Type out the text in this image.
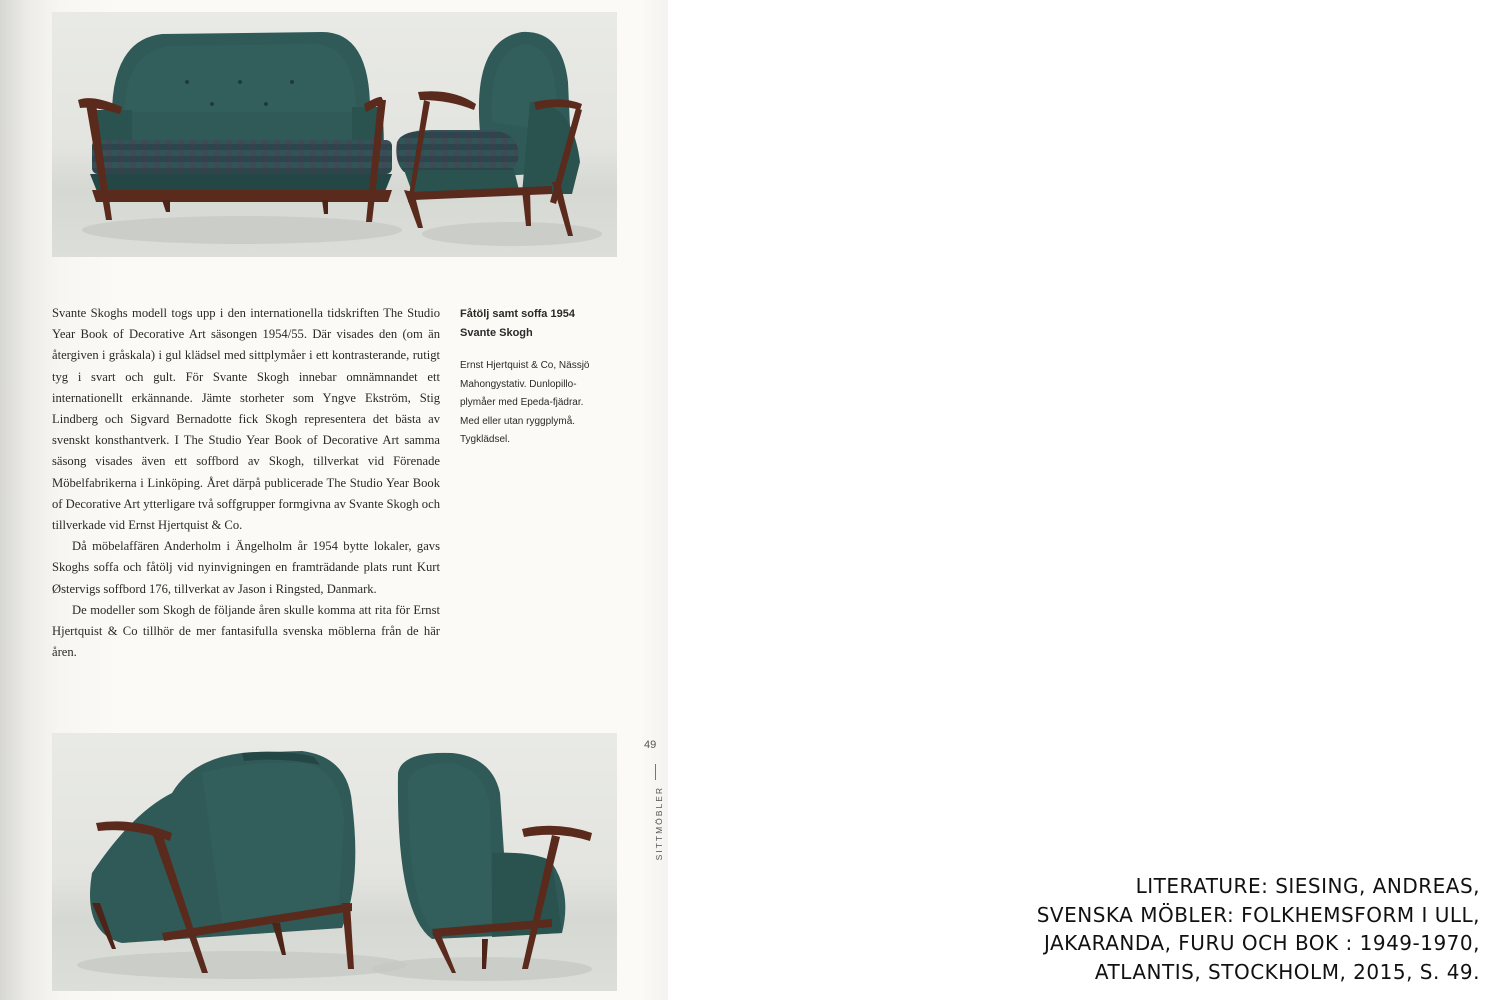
Svante Skoghs modell togs upp i den internationella tidskriften The Studio Year Book of Decorative Art säsongen 1954/55. Där visades den (om än återgiven i gråskala) i gul klädsel med sittplymåer i ett kontrasterande, rutigt tyg i svart och gult. För Svante Skogh innebar omnämnandet ett internationellt erkännande. Jämte storheter som Yngve Ekström, Stig Lindberg och Sigvard Bernadotte fick Skogh representera det bästa av svenskt konsthantverk. I The Studio Year Book of Decorative Art samma säsong visades även ett soffbord av Skogh, tillverkat vid Förenade Möbelfabrikerna i Linköping. Året därpå publicerade The Studio Year Book of Decorative Art ytterligare två soffgrupper formgivna av Svante Skogh och tillverkade vid Ernst Hjertquist & Co.

Då möbelaffären Anderholm i Ängelholm år 1954 bytte lokaler, gavs Skoghs soffa och fåtölj vid nyinvigningen en framträdande plats runt Kurt Østervigs soffbord 176, tillverkat av Jason i Ringsted, Danmark.

De modeller som Skogh de följande åren skulle komma att rita för Ernst Hjertquist & Co tillhör de mer fantasifulla svenska möblerna från de här åren.

Fåtölj samt soffa 1954
Svante Skogh
Ernst Hjertquist & Co, Nässjö
Mahongystativ. Dunlopillo-
plymåer med Epeda-fjädrar.
Med eller utan ryggplymå.
Tygklädsel.
49
SITTMÖBLER
LITERATURE: SIESING, ANDREAS,
SVENSKA MÖBLER: FOLKHEMSFORM I ULL,
JAKARANDA, FURU OCH BOK : 1949-1970,
ATLANTIS, STOCKHOLM, 2015, S. 49.
